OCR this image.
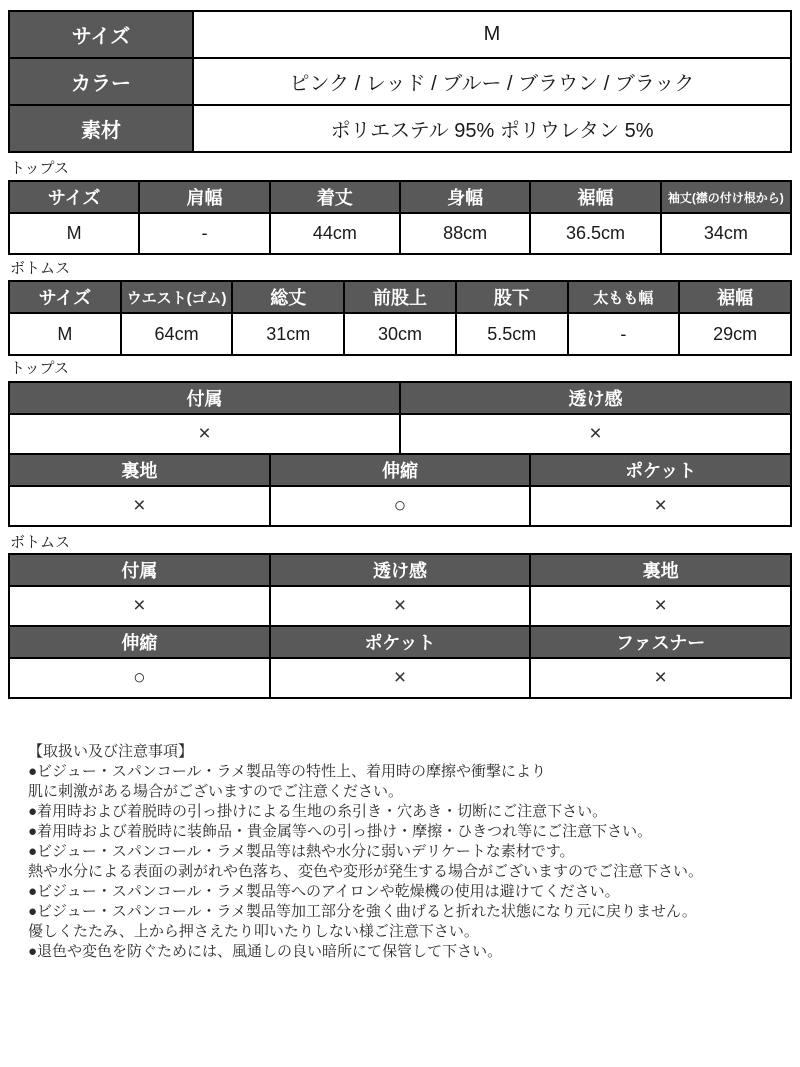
サイズ	M
カラー	ピンク / レッド / ブルー / ブラウン / ブラック
素材	ポリエステル 95% ポリウレタン 5%
トップス
サイズ	肩幅	着丈	身幅	裾幅	袖丈(襟の付け根から)
M	-	44cm	88cm	36.5cm	34cm
ボトムス
サイズ	ウエスト(ゴム)	総丈	前股上	股下	太もも幅	裾幅
M	64cm	31cm	30cm	5.5cm	-	29cm
トップス
付属	透け感
×	×
裏地	伸縮	ポケット
×	○	×
ボトムス
付属	透け感	裏地
×	×	×
伸縮	ポケット	ファスナー
○	×	×
【取扱い及び注意事項】
●ビジュー・スパンコール・ラメ製品等の特性上、着用時の摩擦や衝撃により
肌に刺激がある場合がございますのでご注意ください。
●着用時および着脱時の引っ掛けによる生地の糸引き・穴あき・切断にご注意下さい。
●着用時および着脱時に装飾品・貴金属等への引っ掛け・摩擦・ひきつれ等にご注意下さい。
●ビジュー・スパンコール・ラメ製品等は熱や水分に弱いデリケートな素材です。
熱や水分による表面の剥がれや色落ち、変色や変形が発生する場合がございますのでご注意下さい。
●ビジュー・スパンコール・ラメ製品等へのアイロンや乾燥機の使用は避けてください。
●ビジュー・スパンコール・ラメ製品等加工部分を強く曲げると折れた状態になり元に戻りません。
優しくたたみ、上から押さえたり叩いたりしない様ご注意下さい。
●退色や変色を防ぐためには、風通しの良い暗所にて保管して下さい。
